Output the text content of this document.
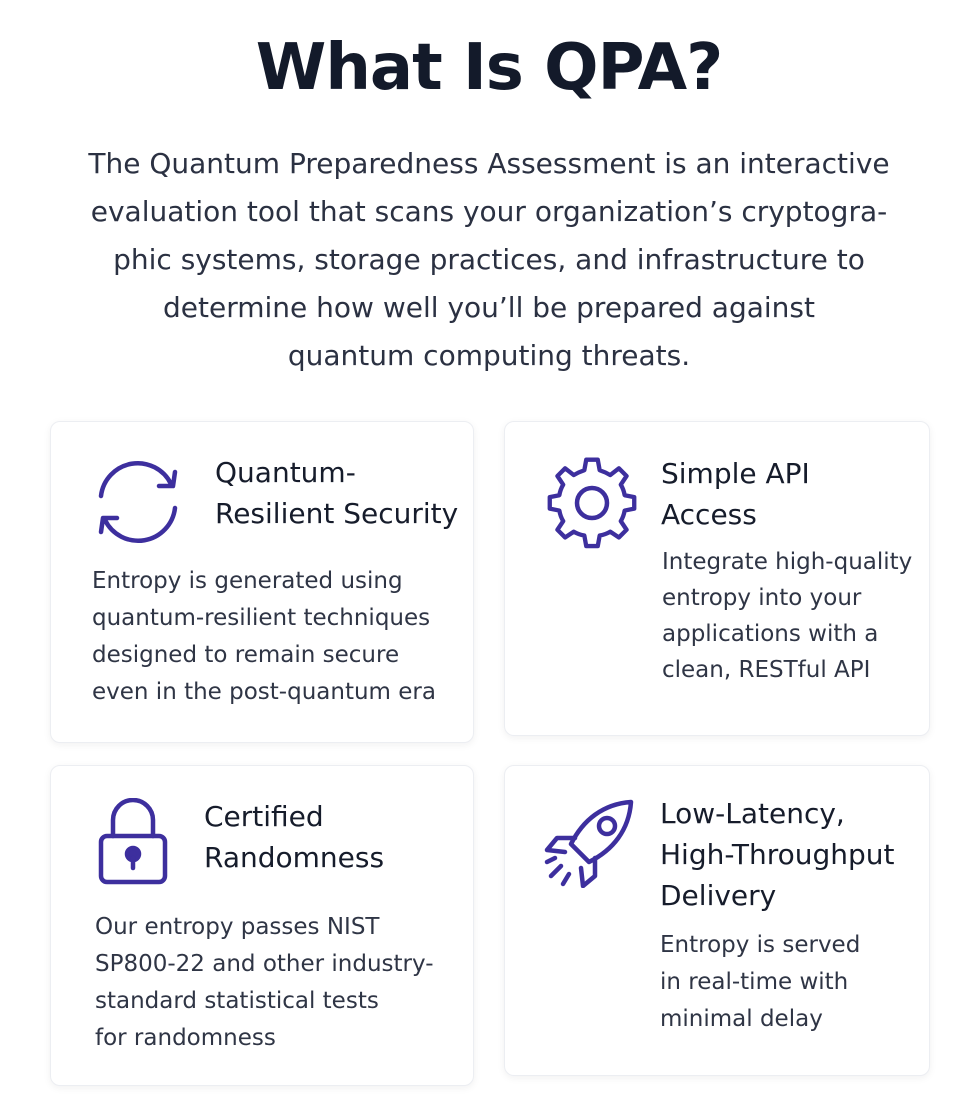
What Is QPA?

The Quantum Preparedness Assessment is an interactive
evaluation tool that scans your organization’s cryptogra-
phic systems, storage practices, and infrastructure to
determine how well you’ll be prepared against
quantum computing threats.

Quantum-
Resilient Security
Entropy is generated using
quantum-resilient techniques
designed to remain secure
even in the post-quantum era
Simple API
Access
Integrate high-quality
entropy into your
applications with a
clean, RESTful API
Certified
Randomness
Our entropy passes NIST
SP800-22 and other industry-
standard statistical tests
for randomness
Low-Latency,
High-Throughput
Delivery
Entropy is served
in real-time with
minimal delay
